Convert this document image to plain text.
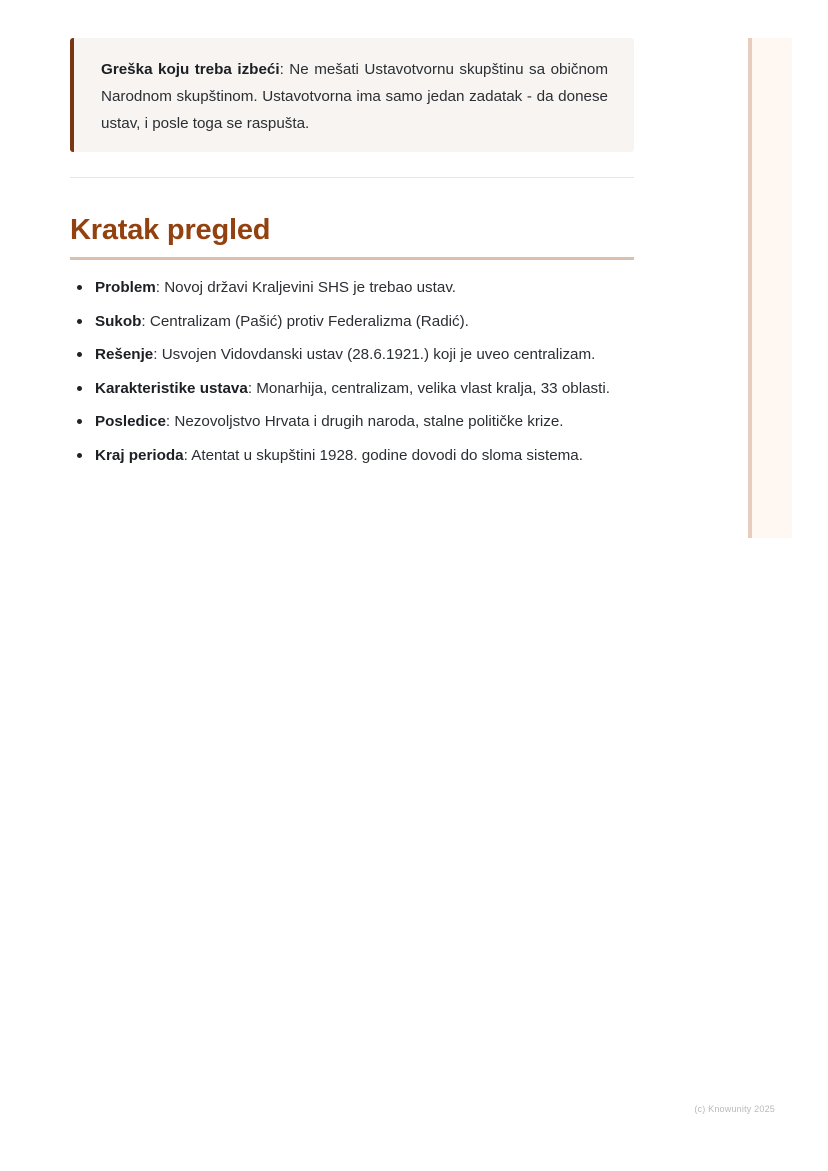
Greška koju treba izbeći: Ne mešati Ustavotvornu skupštinu sa običnom Narodnom skupštinom. Ustavotvorna ima samo jedan zadatak - da donese ustav, i posle toga se raspušta.
Kratak pregled
Problem: Novoj državi Kraljevini SHS je trebao ustav.
Sukob: Centralizam (Pašić) protiv Federalizma (Radić).
Rešenje: Usvojen Vidovdanski ustav (28.6.1921.) koji je uveo centralizam.
Karakteristike ustava: Monarhija, centralizam, velika vlast kralja, 33 oblasti.
Posledice: Nezovoljstvo Hrvata i drugih naroda, stalne političke krize.
Kraj perioda: Atentat u skupštini 1928. godine dovodi do sloma sistema.
(c) Knowunity 2025
